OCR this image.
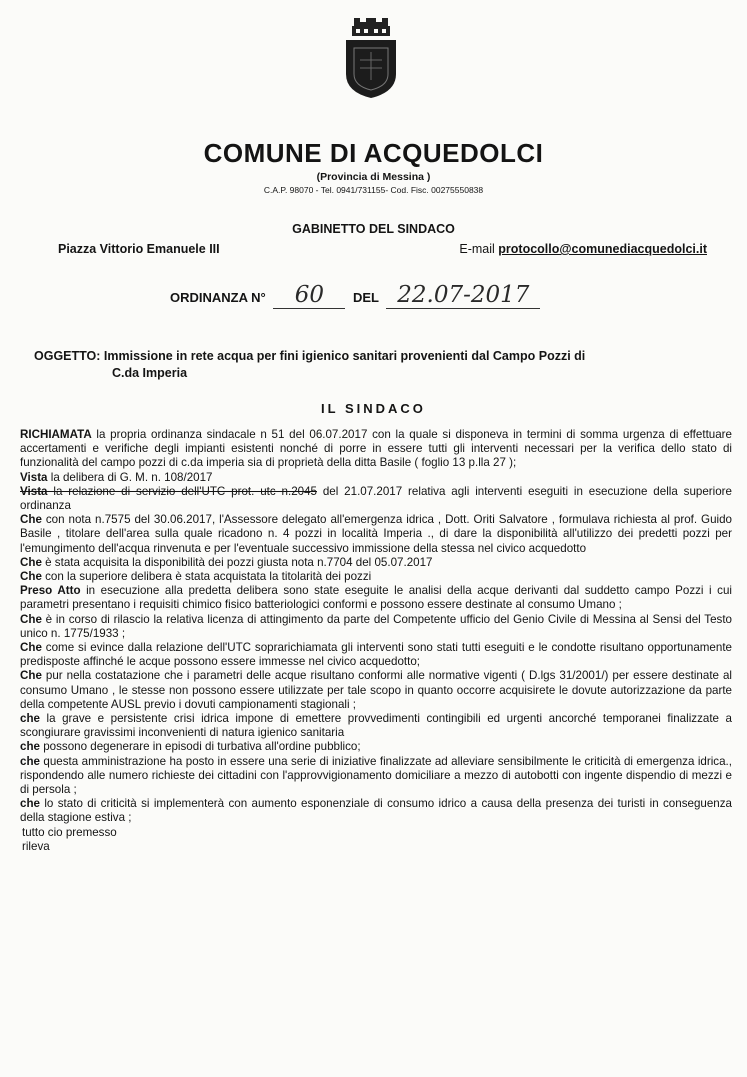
COMUNE DI ACQUEDOLCI
(Provincia di Messina )
C.A.P. 98070 - Tel. 0941/731155- Cod. Fisc. 00275550838
GABINETTO DEL SINDACO
Piazza Vittorio Emanuele III	E-mail protocollo@comunediacquedolci.it
ORDINANZA N° 60 DEL 22.07-2017
OGGETTO: Immissione in rete acqua per fini igienico sanitari provenienti dal Campo Pozzi di
C.da Imperia
IL SINDACO

RICHIAMATA la propria ordinanza sindacale n 51 del 06.07.2017 con la quale si disponeva in termini di somma urgenza di effettuare accertamenti e verifiche degli impianti esistenti nonché di porre in essere tutti gli interventi necessari per la verifica dello stato di funzionalità del campo pozzi di c.da imperia sia di proprietà della ditta Basile ( foglio 13 p.lla 27 );

Vista la delibera di G. M. n. 108/2017

Vista la relazione di servizio dell'UTC prot. utc n.2045 del 21.07.2017 relativa agli interventi eseguiti in esecuzione della superiore ordinanza

Che con nota n.7575 del 30.06.2017, l'Assessore delegato all'emergenza idrica , Dott. Oriti Salvatore , formulava richiesta al prof. Guido Basile , titolare dell'area sulla quale ricadono n. 4 pozzi in località Imperia ., di dare la disponibilità all'utilizzo dei predetti pozzi per l'emungimento dell'acqua rinvenuta e per l'eventuale successivo immissione della stessa nel civico acquedotto

Che è stata acquisita la disponibilità dei pozzi giusta nota n.7704 del 05.07.2017

Che con la superiore delibera è stata acquistata la titolarità dei pozzi

Preso Atto in esecuzione alla predetta delibera sono state eseguite le analisi della acque derivanti dal suddetto campo Pozzi i cui parametri presentano i requisiti chimico fisico batteriologici conformi e possono essere destinate al consumo Umano ;

Che è in corso di rilascio la relativa licenza di attingimento da parte del Competente ufficio del Genio Civile di Messina al Sensi del Testo unico n. 1775/1933 ;

Che come si evince dalla relazione dell'UTC soprarichiamata gli interventi sono stati tutti eseguiti e le condotte risultano opportunamente predisposte affinché le acque possono essere immesse nel civico acquedotto;

Che pur nella costatazione che i parametri delle acque risultano conformi alle normative vigenti ( D.lgs 31/2001/) per essere destinate al consumo Umano , le stesse non possono essere utilizzate per tale scopo in quanto occorre acquisirete le dovute autorizzazione da parte della competente AUSL previo i dovuti campionamenti stagionali ;

che la grave e persistente crisi idrica impone di emettere provvedimenti contingibili ed urgenti ancorché temporanei finalizzate a scongiurare gravissimi inconvenienti di natura igienico sanitaria

che possono degenerare in episodi di turbativa all'ordine pubblico;

che questa amministrazione ha posto in essere una serie di iniziative finalizzate ad alleviare sensibilmente le criticità di emergenza idrica., rispondendo alle numero richieste dei cittadini con l'approvvigionamento domiciliare a mezzo di autobotti con ingente dispendio di mezzi e di persola ;

che lo stato di criticità si implementerà con aumento esponenziale di consumo idrico a causa della presenza dei turisti in conseguenza della stagione estiva ;

tutto cio premesso

rileva
